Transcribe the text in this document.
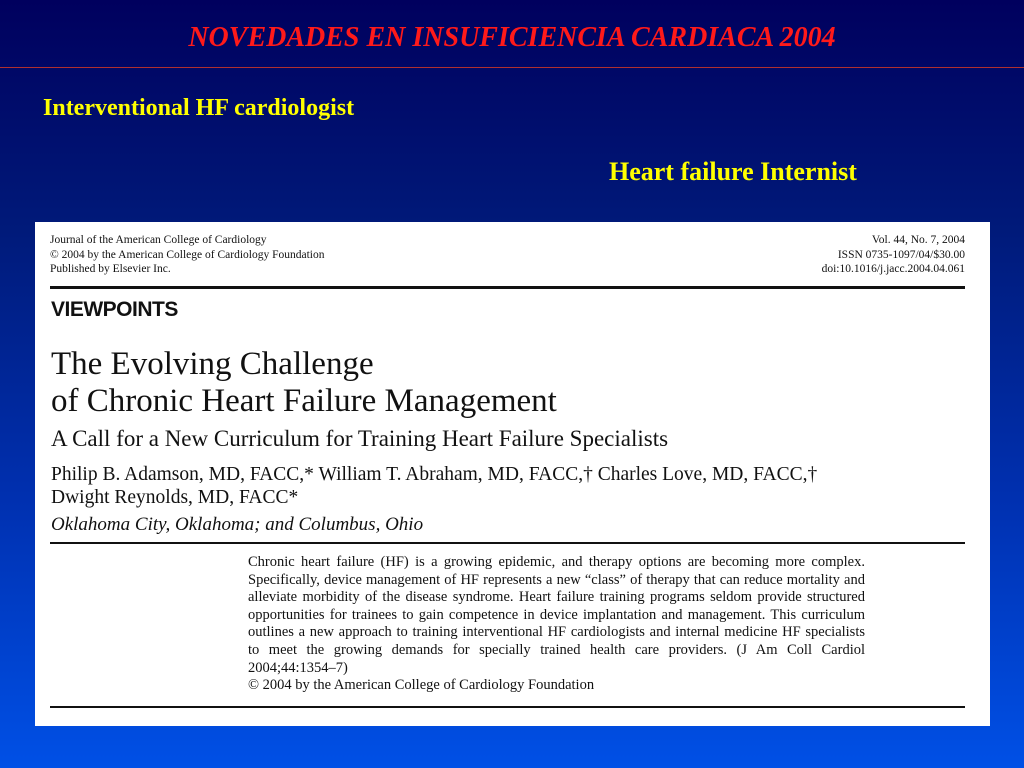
NOVEDADES EN INSUFICIENCIA CARDIACA 2004
Interventional HF cardiologist
Heart failure Internist
Journal of the American College of Cardiology
© 2004 by the American College of Cardiology Foundation
Published by Elsevier Inc.
Vol. 44, No. 7, 2004
ISSN 0735-1097/04/$30.00
doi:10.1016/j.jacc.2004.04.061
VIEWPOINTS
The Evolving Challenge
of Chronic Heart Failure Management
A Call for a New Curriculum for Training Heart Failure Specialists
Philip B. Adamson, MD, FACC,* William T. Abraham, MD, FACC,† Charles Love, MD, FACC,†
Dwight Reynolds, MD, FACC*
Oklahoma City, Oklahoma; and Columbus, Ohio
Chronic heart failure (HF) is a growing epidemic, and therapy options are becoming more complex. Specifically, device management of HF represents a new “class” of therapy that can reduce mortality and alleviate morbidity of the disease syndrome. Heart failure training programs seldom provide structured opportunities for trainees to gain competence in device implantation and management. This curriculum outlines a new approach to training interventional HF cardiologists and internal medicine HF specialists to meet the growing demands for specially trained health care providers. (J Am Coll Cardiol 2004;44:1354–7)
© 2004 by the American College of Cardiology Foundation
